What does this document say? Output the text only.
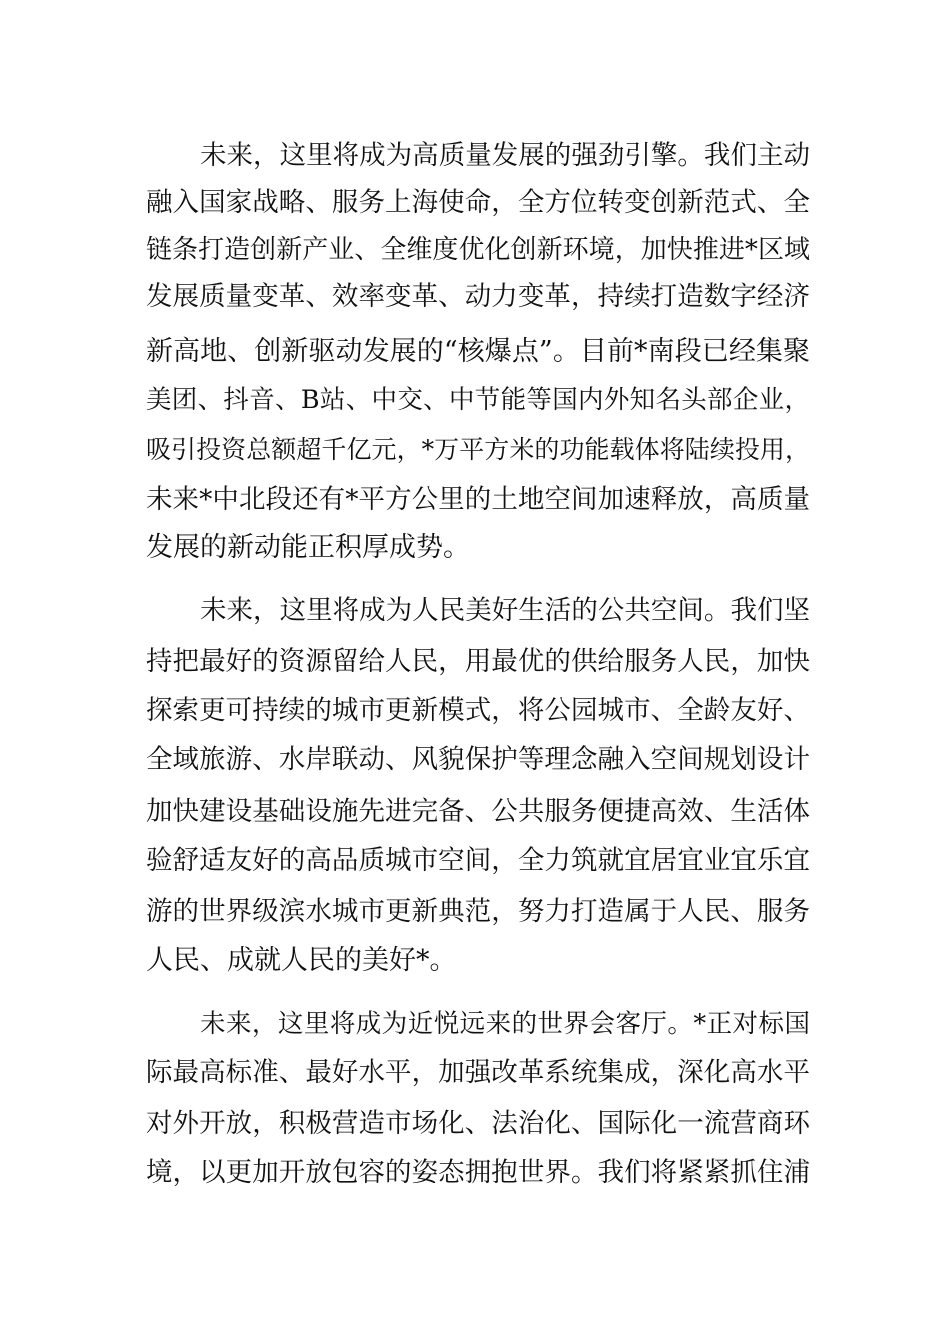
未来，这里将成为高质量发展的强劲引擎。我们主动
融入国家战略、服务上海使命，全方位转变创新范式、全
链条打造创新产业、全维度优化创新环境，加快推进*区域
发展质量变革、效率变革、动力变革，持续打造数字经济
新高地、创新驱动发展的“核爆点”。目前*南段已经集聚
美团、抖音、B站、中交、中节能等国内外知名头部企业，
吸引投资总额超千亿元，*万平方米的功能载体将陆续投用，
未来*中北段还有*平方公里的土地空间加速释放，高质量
发展的新动能正积厚成势。
未来，这里将成为人民美好生活的公共空间。我们坚
持把最好的资源留给人民，用最优的供给服务人民，加快
探索更可持续的城市更新模式，将公园城市、全龄友好、
全域旅游、水岸联动、风貌保护等理念融入空间规划设计
加快建设基础设施先进完备、公共服务便捷高效、生活体
验舒适友好的高品质城市空间，全力筑就宜居宜业宜乐宜
游的世界级滨水城市更新典范，努力打造属于人民、服务
人民、成就人民的美好*。
未来，这里将成为近悦远来的世界会客厅。*正对标国
际最高标准、最好水平，加强改革系统集成，深化高水平
对外开放，积极营造市场化、法治化、国际化一流营商环
境，以更加开放包容的姿态拥抱世界。我们将紧紧抓住浦
